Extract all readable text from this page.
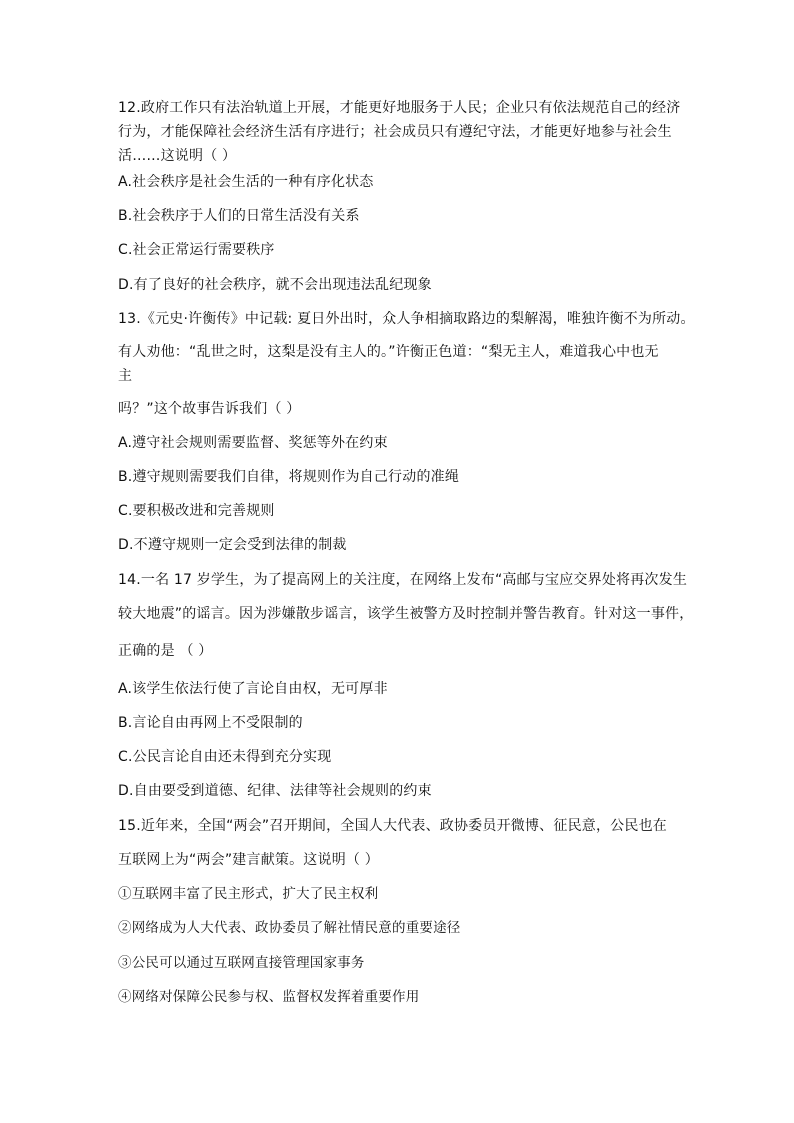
12.政府工作只有法治轨道上开展，才能更好地服务于人民；企业只有依法规范自己的经济
行为，才能保障社会经济生活有序进行；社会成员只有遵纪守法，才能更好地参与社会生
活……这说明（ ）
A.社会秩序是社会生活的一种有序化状态
B.社会秩序于人们的日常生活没有关系
C.社会正常运行需要秩序
D.有了良好的社会秩序，就不会出现违法乱纪现象
13.《元史·许衡传》中记载: 夏日外出时，众人争相摘取路边的梨解渴，唯独许衡不为所动。
有人劝他：“乱世之时，这梨是没有主人的。”许衡正色道：“梨无主人，难道我心中也无
主
吗？”这个故事告诉我们（ ）
A.遵守社会规则需要监督、奖惩等外在约束
B.遵守规则需要我们自律，将规则作为自己行动的准绳
C.要积极改进和完善规则
D.不遵守规则一定会受到法律的制裁
14.一名 17 岁学生，为了提高网上的关注度，在网络上发布“高邮与宝应交界处将再次发生
较大地震”的谣言。因为涉嫌散步谣言，该学生被警方及时控制并警告教育。针对这一事件，
正确的是 （ ）
A.该学生依法行使了言论自由权，无可厚非
B.言论自由再网上不受限制的
C.公民言论自由还未得到充分实现
D.自由要受到道德、纪律、法律等社会规则的约束
15.近年来，全国“两会”召开期间，全国人大代表、政协委员开微博、征民意，公民也在
互联网上为“两会”建言献策。这说明（ ）
①互联网丰富了民主形式，扩大了民主权利
②网络成为人大代表、政协委员了解社情民意的重要途径
③公民可以通过互联网直接管理国家事务
④网络对保障公民参与权、监督权发挥着重要作用
